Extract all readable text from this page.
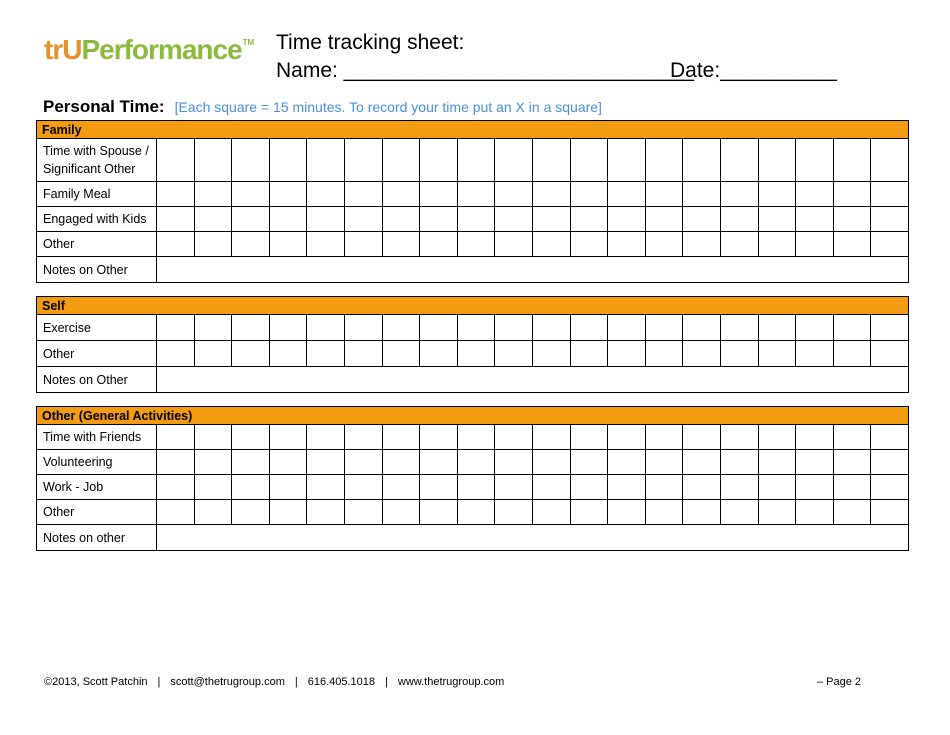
trU Performance TM Time tracking sheet:
Name: ______________________________
Date:__________
Personal Time: [Each square = 15 minutes. To record your time put an X in a square]
Family																				
Time with Spouse / Significant Other																				
Family Meal																				
Engaged with Kids																				
Other																				
Notes on Other																				
Self																				
Exercise																				
Other																				
Notes on Other																				
Other (General Activities)																				
Time with Friends																				
Volunteering																				
Work - Job																				
Other																				
Notes on other																				
©2013, Scott Patchin | scott@thetrugroup.com | 616.405.1018 | www.thetrugroup.com	– Page 2
